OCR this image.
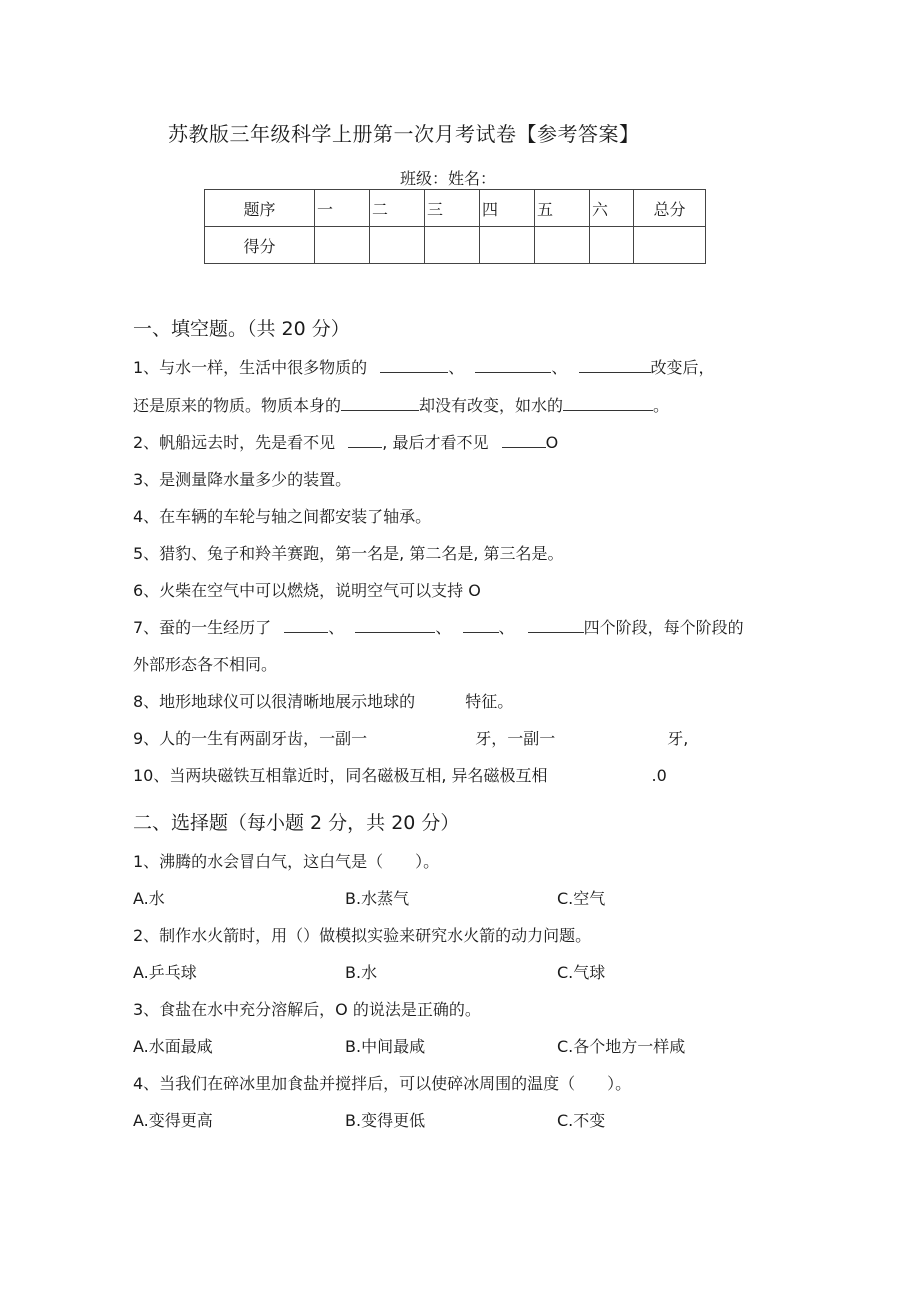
苏教版三年级科学上册第一次月考试卷【参考答案】
班级：姓名：
题序	一	二	三	四	五	六	总分
得分							
一、填空题。（共 20 分）
1、与水一样，生活中很多物质的	、	、	改变后，
还是原来的物质。物质本身的	却没有改变，如水的	。
2、帆船远去时，先是看不见	, 最后才看不见	O
3、是测量降水量多少的装置。
4、在车辆的车轮与轴之间都安装了轴承。
5、猎豹、兔子和羚羊赛跑，第一名是, 第二名是, 第三名是。
6、火柴在空气中可以燃烧，说明空气可以支持 O
7、蚕的一生经历了	、	、	、	四个阶段，每个阶段的
外部形态各不相同。
8、地形地球仪可以很清晰地展示地球的	特征。
9、人的一生有两副牙齿，一副一	牙，一副一	牙,
10、当两块磁铁互相靠近时，同名磁极互相, 异名磁极互相	.0
二、选择题（每小题 2 分，共 20 分）
1、沸腾的水会冒白气，这白气是（　　）。
A.水	B.水蒸气	C.空气
2、制作水火箭时，用（）做模拟实验来研究水火箭的动力问题。
A.乒乓球	B.水	C.气球
3、食盐在水中充分溶解后，O 的说法是正确的。
A.水面最咸	B.中间最咸	C.各个地方一样咸
4、当我们在碎冰里加食盐并搅拌后，可以使碎冰周围的温度（　　）。
A.变得更高	B.变得更低	C.不变
